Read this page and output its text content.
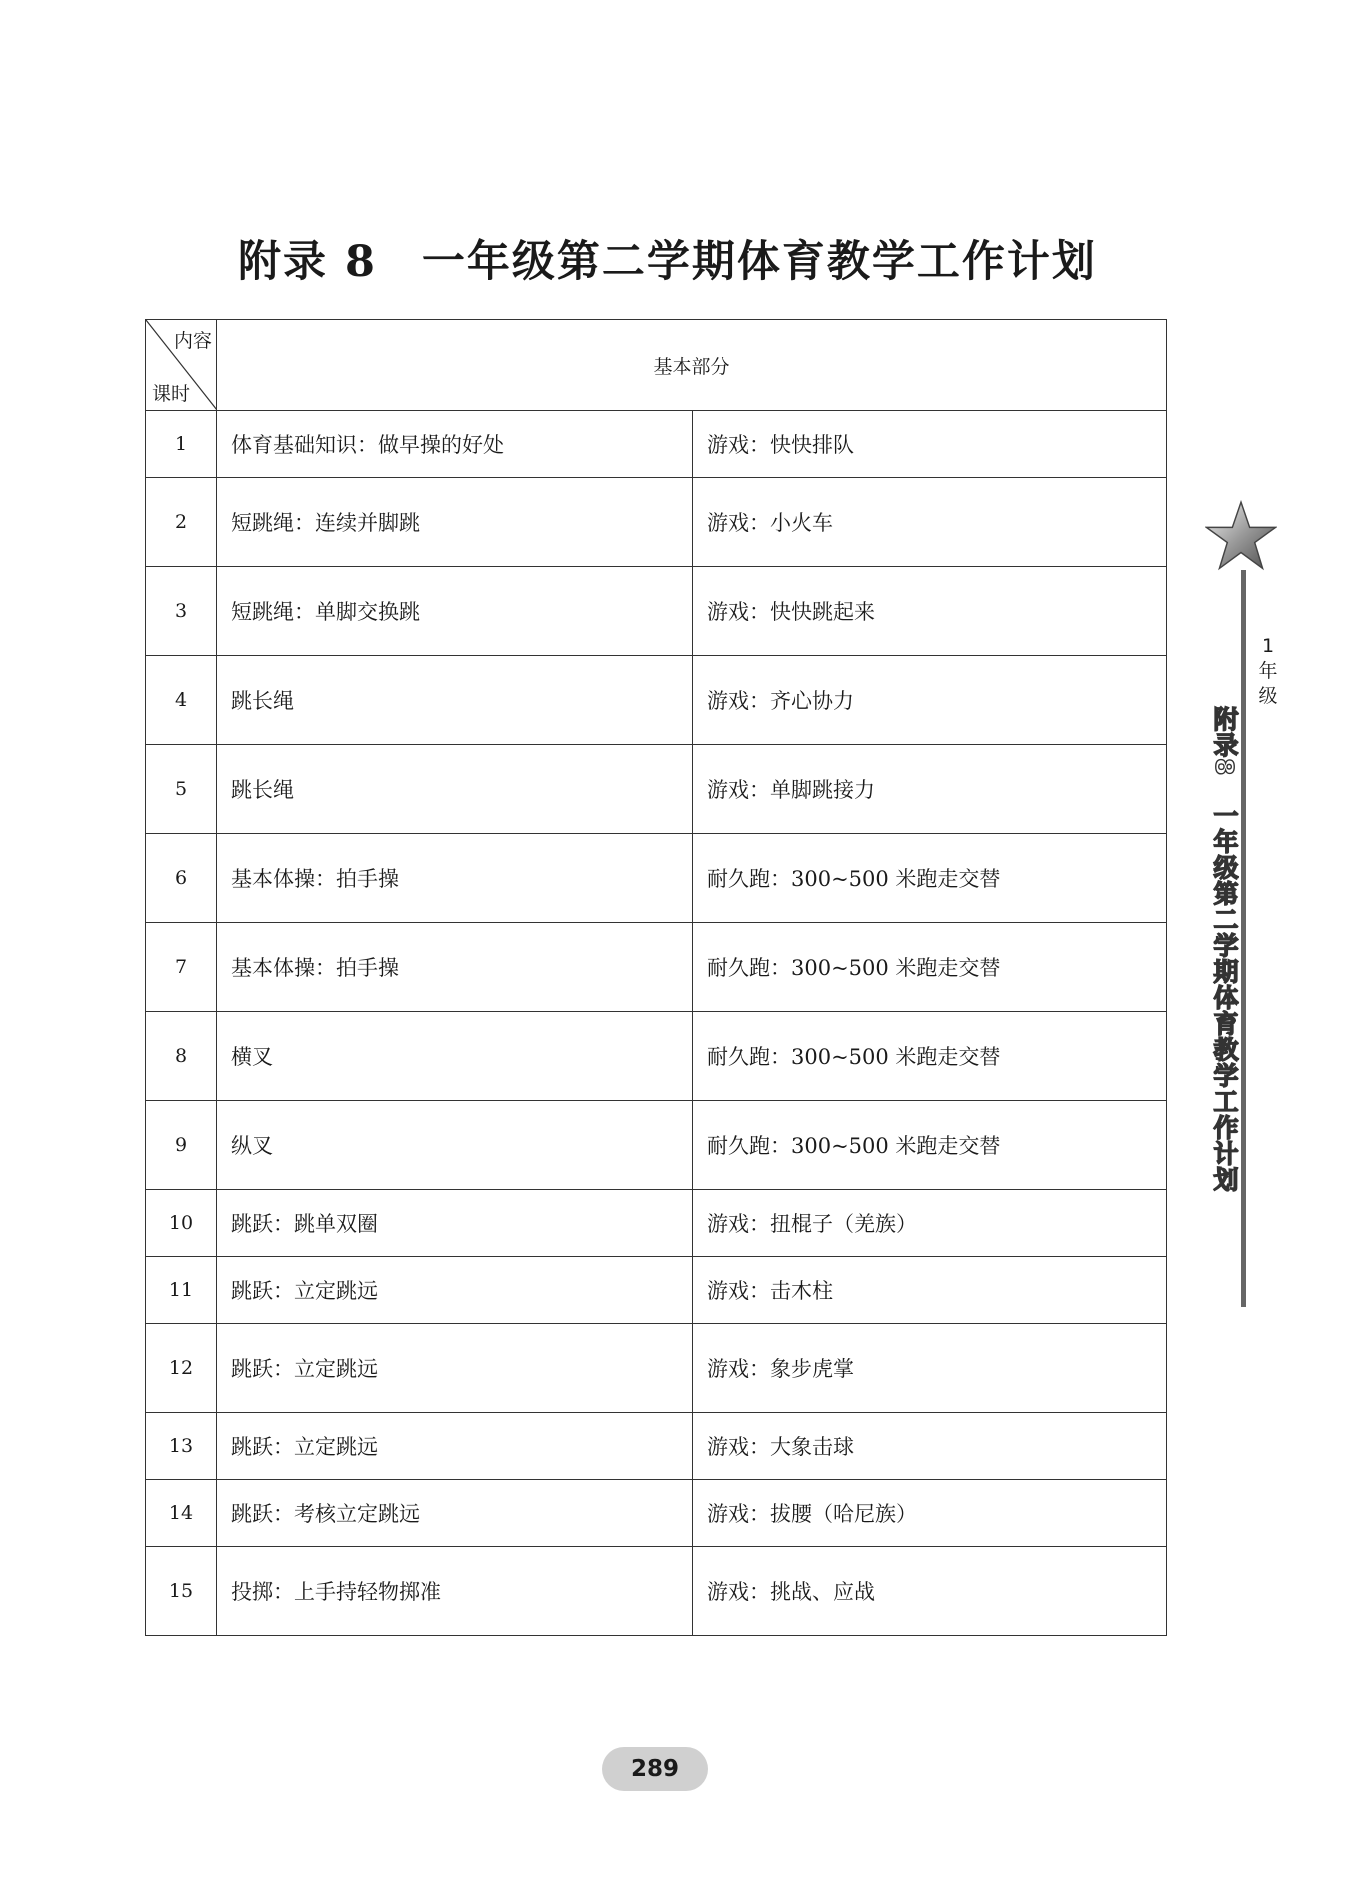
附录 8　一年级第二学期体育教学工作计划
内容
课时	基本部分	
1	体育基础知识：做早操的好处	游戏：快快排队
2	短跳绳：连续并脚跳	游戏：小火车
3	短跳绳：单脚交换跳	游戏：快快跳起来
4	跳长绳	游戏：齐心协力
5	跳长绳	游戏：单脚跳接力
6	基本体操：拍手操	耐久跑：300~500 米跑走交替
7	基本体操：拍手操	耐久跑：300~500 米跑走交替
8	横叉	耐久跑：300~500 米跑走交替
9	纵叉	耐久跑：300~500 米跑走交替
10	跳跃：跳单双圈	游戏：扭棍子（羌族）
11	跳跃：立定跳远	游戏：击木柱
12	跳跃：立定跳远	游戏：象步虎掌
13	跳跃：立定跳远	游戏：大象击球
14	跳跃：考核立定跳远	游戏：拔腰（哈尼族）
15	投掷：上手持轻物掷准	游戏：挑战、应战
1 年级
附录8　一年级第二学期体育教学工作计划
289
